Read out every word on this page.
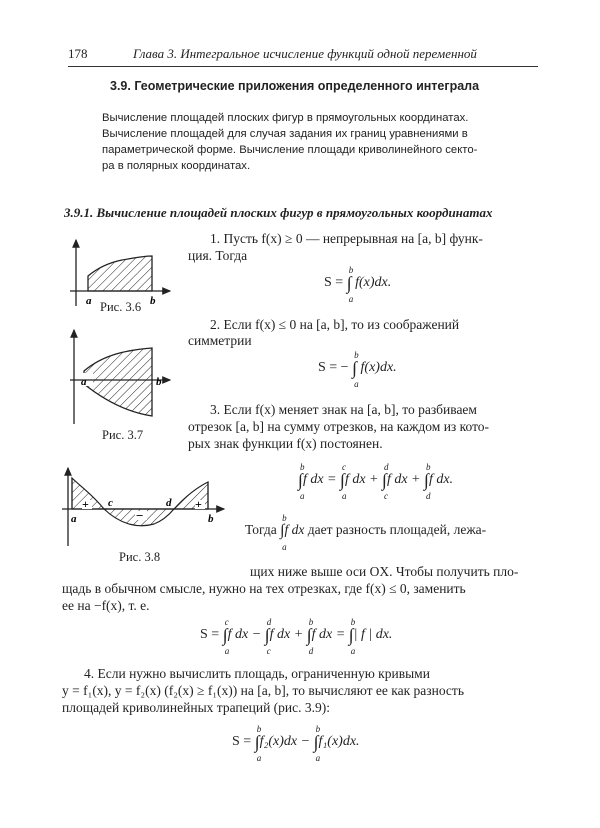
178	Глава 3. Интегральное исчисление функций одной переменной
3.9. Геометрические приложения определенного интеграла
Вычисление площадей плоских фигур в прямоугольных координатах.
Вычисление площадей для случая задания их границ уравнениями в
параметрической форме. Вычисление площади криволинейного секто-
ра в полярных координатах.
3.9.1. Вычисление площадей плоских фигур в прямоугольных координатах
a	b
Рис. 3.6
1. Пусть f(x) ≥ 0 — непрерывная на [a, b] функ-
ция. Тогда
S = ∫
b
a
f(x)dx.
a	b
Рис. 3.7
2. Если f(x) ≤ 0 на [a, b], то из соображений
симметрии
S = − ∫
b
a
f(x)dx.
3. Если f(x) меняет знак на [a, b], то разбиваем
отрезок [a, b] на сумму отрезков, на каждом из кото-
рых знак функции f(x) постоянен.
∫
b
a
f dx = ∫
c
a
f dx + ∫
d
c
f dx + ∫
b
d
f dx.
+
−
+
a
c	d
b
Рис. 3.8
Тогда ∫
b
a
f dx дает разность площадей, лежа-
щих ниже выше оси OX. Чтобы получить пло-
щадь в обычном смысле, нужно на тех отрезках, где f(x) ≤ 0, заменить
ее на −f(x), т. е.
S = ∫
c
a
f dx − ∫
d
c
f dx + ∫
b
d
f dx = ∫
b
a
| f | dx.
4. Если нужно вычислить площадь, ограниченную кривыми
y = f₁(x), y = f₂(x) (f₂(x) ≥ f₁(x)) на [a, b], то вычисляют ее как разность
площадей криволинейных трапеций (рис. 3.9):
S = ∫
b
a
f₂(x)dx − ∫
b
a
f₁(x)dx.
